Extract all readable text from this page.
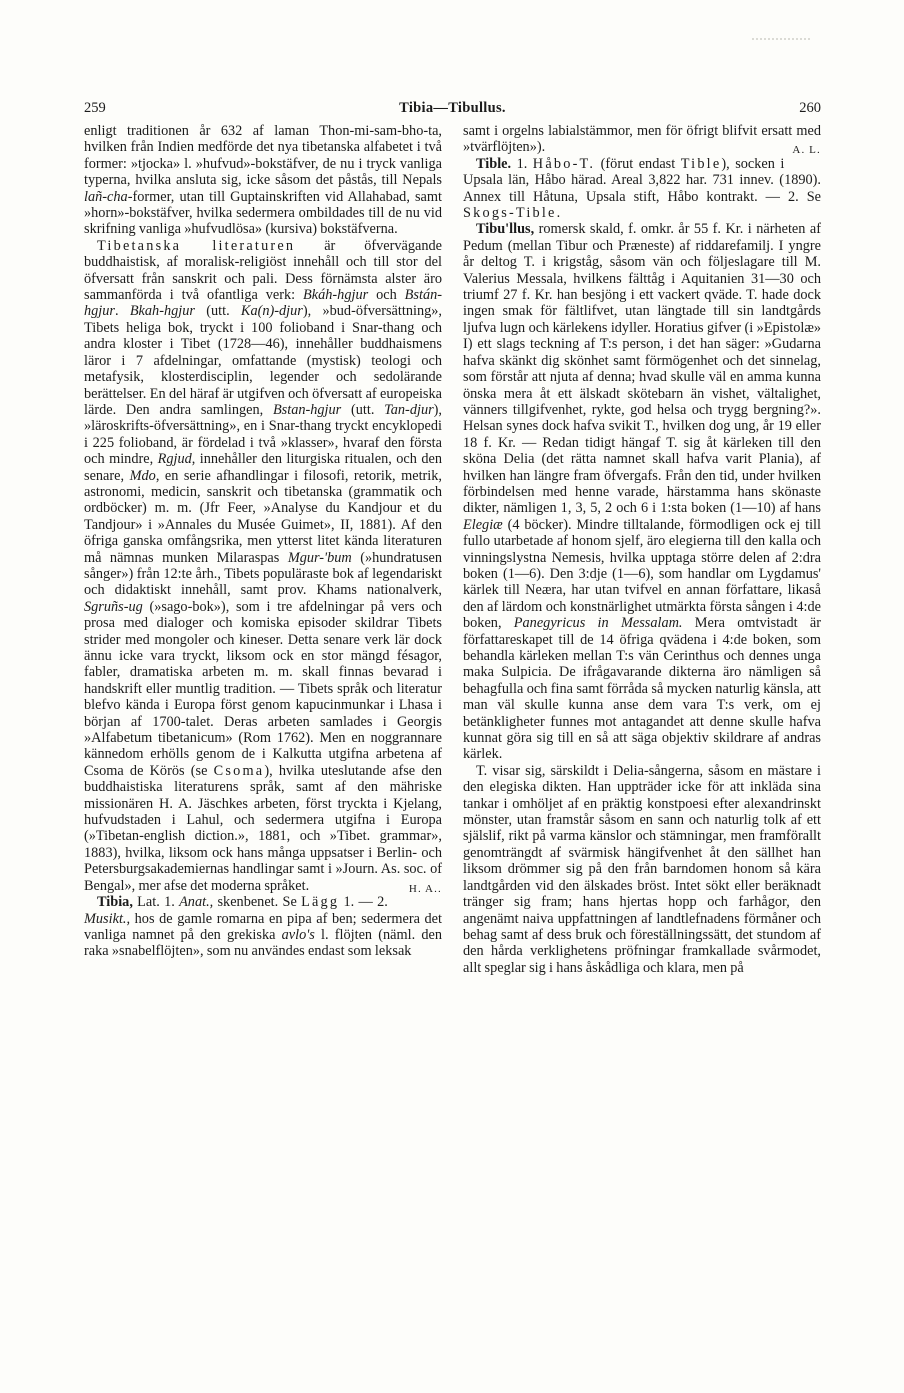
259	Tibia—Tibullus.	260

enligt traditionen år 632 af laman Thon-mi-sam-bho-ta, hvilken från Indien medförde det nya tibetanska alfabetet i två former: »tjocka» l. »hufvud»-bokstäfver, de nu i tryck vanliga typerna, hvilka ansluta sig, icke såsom det påstås, till Nepals lañ-cha-former, utan till Guptainskriften vid Allahabad, samt »horn»-bokstäfver, hvilka sedermera ombildades till de nu vid skrifning vanliga »hufvudlösa» (kursiva) bokstäfverna.

Tibetanska literaturen är öfvervägande buddhaistisk, af moralisk-religiöst innehåll och till stor del öfversatt från sanskrit och pali. Dess förnämsta alster äro sammanförda i två ofantliga verk: Bkáh-hgjur och Bstán-hgjur. Bkah-hgjur (utt. Ka(n)-djur), »bud-öfversättning», Tibets heliga bok, tryckt i 100 folioband i Snar-thang och andra kloster i Tibet (1728—46), innehåller buddhaismens läror i 7 afdelningar, omfattande (mystisk) teologi och metafysik, klosterdisciplin, legender och sedolärande berättelser. En del häraf är utgifven och öfversatt af europeiska lärde. Den andra samlingen, Bstan-hgjur (utt. Tan-djur), »läroskrifts-öfversättning», en i Snar-thang tryckt encyklopedi i 225 folioband, är fördelad i två »klasser», hvaraf den första och mindre, Rgjud, innehåller den liturgiska ritualen, och den senare, Mdo, en serie afhandlingar i filosofi, retorik, metrik, astronomi, medicin, sanskrit och tibetanska (grammatik och ordböcker) m. m. (Jfr Feer, »Analyse du Kandjour et du Tandjour» i »Annales du Musée Guimet», II, 1881). Af den öfriga ganska omfångsrika, men ytterst litet kända literaturen må nämnas munken Milaraspas Mgur-'bum (»hundratusen sånger») från 12:te årh., Tibets populäraste bok af legendariskt och didaktiskt innehåll, samt prov. Khams nationalverk, Sgruñs-ug (»sago-bok»), som i tre afdelningar på vers och prosa med dialoger och komiska episoder skildrar Tibets strider med mongoler och kineser. Detta senare verk lär dock ännu icke vara tryckt, liksom ock en stor mängd fésagor, fabler, dramatiska arbeten m. m. skall finnas bevarad i handskrift eller muntlig tradition. — Tibets språk och literatur blefvo kända i Europa först genom kapucinmunkar i Lhasa i början af 1700-talet. Deras arbeten samlades i Georgis »Alfabetum tibetanicum» (Rom 1762). Men en noggrannare kännedom erhölls genom de i Kalkutta utgifna arbetena af Csoma de Körös (se Csoma), hvilka uteslutande afse den buddhaistiska literaturens språk, samt af den mähriske missionären H. A. Jäschkes arbeten, först tryckta i Kjelang, hufvudstaden i Lahul, och sedermera utgifna i Europa (»Tibetan-english diction.», 1881, och »Tibet. grammar», 1883), hvilka, liksom ock hans många uppsatser i Berlin- och Petersburgsakademiernas handlingar samt i »Journ. As. soc. of Bengal», mer afse det moderna språket.	H. A..

Tibia, Lat. 1. Anat., skenbenet. Se Lägg 1. — 2. Musikt., hos de gamle romarna en pipa af ben; sedermera det vanliga namnet på den grekiska avlo's l. flöjten (näml. den raka »snabelflöjten», som nu användes endast som leksak

samt i orgelns labialstämmor, men för öfrigt blifvit ersatt med »tvärflöjten»).	A. L.

Tible. 1. Håbo-T. (förut endast Tible), socken i Upsala län, Håbo härad. Areal 3,822 har. 731 innev. (1890). Annex till Håtuna, Upsala stift, Håbo kontrakt. — 2. Se Skogs-Tible.

Tibu'llus, romersk skald, f. omkr. år 55 f. Kr. i närheten af Pedum (mellan Tibur och Præneste) af riddarefamilj. I yngre år deltog T. i krigståg, såsom vän och följeslagare till M. Valerius Messala, hvilkens fälttåg i Aquitanien 31—30 och triumf 27 f. Kr. han besjöng i ett vackert qväde. T. hade dock ingen smak för fältlifvet, utan längtade till sin landtgårds ljufva lugn och kärlekens idyller. Horatius gifver (i »Epistolæ» I) ett slags teckning af T:s person, i det han säger: »Gudarna hafva skänkt dig skönhet samt förmögenhet och det sinnelag, som förstår att njuta af denna; hvad skulle väl en amma kunna önska mera åt ett älskadt skötebarn än vishet, vältalighet, vänners tillgifvenhet, rykte, god helsa och trygg bergning?». Helsan synes dock hafva svikit T., hvilken dog ung, år 19 eller 18 f. Kr. — Redan tidigt hängaf T. sig åt kärleken till den sköna Delia (det rätta namnet skall hafva varit Plania), af hvilken han längre fram öfvergafs. Från den tid, under hvilken förbindelsen med henne varade, härstamma hans skönaste dikter, nämligen 1, 3, 5, 2 och 6 i 1:sta boken (1—10) af hans Elegiæ (4 böcker). Mindre tilltalande, förmodligen ock ej till fullo utarbetade af honom sjelf, äro elegierna till den kalla och vinningslystna Nemesis, hvilka upptaga större delen af 2:dra boken (1—6). Den 3:dje (1—6), som handlar om Lygdamus' kärlek till Neæra, har utan tvifvel en annan författare, likaså den af lärdom och konstnärlighet utmärkta första sången i 4:de boken, Panegyricus in Messalam. Mera omtvistadt är författareskapet till de 14 öfriga qvädena i 4:de boken, som behandla kärleken mellan T:s vän Cerinthus och dennes unga maka Sulpicia. De ifrågavarande dikterna äro nämligen så behagfulla och fina samt förråda så mycken naturlig känsla, att man väl skulle kunna anse dem vara T:s verk, om ej betänkligheter funnes mot antagandet att denne skulle hafva kunnat göra sig till en så att säga objektiv skildrare af andras kärlek.

T. visar sig, särskildt i Delia-sångerna, såsom en mästare i den elegiska dikten. Han uppträder icke för att inkläda sina tankar i omhöljet af en präktig konstpoesi efter alexandrinskt mönster, utan framstår såsom en sann och naturlig tolk af ett själslif, rikt på varma känslor och stämningar, men framförallt genomträngdt af svärmisk hängifvenhet åt den sällhet han liksom drömmer sig på den från barndomen honom så kära landtgården vid den älskades bröst. Intet sökt eller beräknadt tränger sig fram; hans hjertas hopp och farhågor, den angenämt naiva uppfattningen af landtlefnadens förmåner och behag samt af dess bruk och föreställningssätt, det stundom af den hårda verklighetens pröfningar framkallade svårmodet, allt speglar sig i hans åskådliga och klara, men på
